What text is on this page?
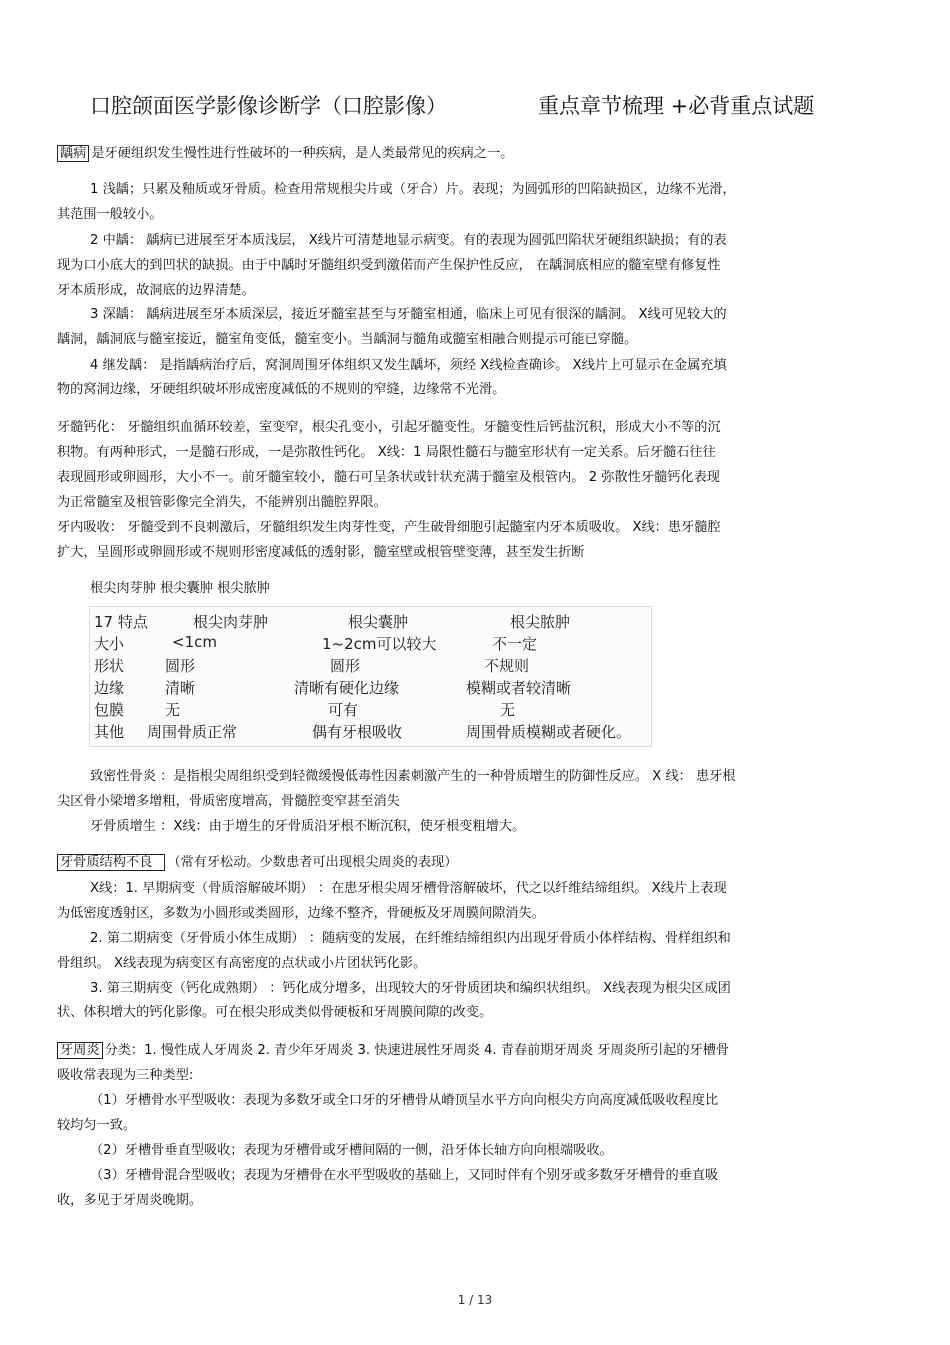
口腔颌面医学影像诊断学（口腔影像）	重点章节梳理 +必背重点试题
龋病 是牙硬组织发生慢性进行性破坏的一种疾病，是人类最常见的疾病之一。
1 浅龋；只累及釉质或牙骨质。检查用常规根尖片或（牙合）片。表现；为圆弧形的凹陷缺损区，边缘不光滑，
其范围一般较小。
2 中龋： 龋病已进展至牙本质浅层， X线片可清楚地显示病变。有的表现为圆弧凹陷状牙硬组织缺损；有的表
现为口小底大的到凹状的缺损。由于中龋时牙髓组织受到激偌而产生保护性反应， 在龋洞底相应的髓室壁有修复性
牙本质形成，故洞底的边界清楚。
3 深龋： 龋病进展至牙本质深层，接近牙髓室甚至与牙髓室相通，临床上可见有很深的龋洞。 X线可见较大的
龋洞，龋洞底与髓室接近，髓室角变低，髓室变小。当龋洞与髓角或髓室相融合则提示可能已穿髓。
4 继发龋： 是指龋病治疗后，窝洞周围牙体组织又发生龋坏，须经 X线检查确诊。 X线片上可显示在金属充填
物的窝洞边缘，牙硬组织破坏形成密度减低的不规则的窄缝，边缘常不光滑。
牙髓钙化： 牙髓组织血循环较差，室变窄，根尖孔变小，引起牙髓变性。牙髓变性后钙盐沉积，形成大小不等的沉
积物。有两种形式，一是髓石形成，一是弥散性钙化。 X线：1 局限性髓石与髓室形状有一定关系。后牙髓石往往
表现圆形或卵圆形，大小不一。前牙髓室较小，髓石可呈条状或针状充满于髓室及根管内。 2 弥散性牙髓钙化表现
为正常髓室及根管影像完全消失，不能辨别出髓腔界限。
牙内吸收： 牙髓受到不良刺激后，牙髓组织发生肉芽性变，产生破骨细胞引起髓室内牙本质吸收。 X线：患牙髓腔
扩大，呈圆形或卵圆形或不规则形密度减低的透射影，髓室壁或根管壁变薄，甚至发生折断
根尖肉芽肿 根尖囊肿 根尖脓肿
17 特点	根尖肉芽肿	根尖囊肿	根尖脓肿
大小	<1cm	1~2cm可以较大	不一定
形状	圆形	圆形	不规则
边缘	清晰	清晰有硬化边缘	模糊或者较清晰
包膜	无	可有	无
其他 周围骨质正常	偶有牙根吸收	周围骨质模糊或者硬化。
致密性骨炎 ：是指根尖周组织受到轻微缓慢低毒性因素刺激产生的一种骨质增生的防御性反应。 X 线： 患牙根
尖区骨小梁增多增粗，骨质密度增高，骨髓腔变窄甚至消失
牙骨质增生 ：X线：由于增生的牙骨质沿牙根不断沉积，使牙根变粗增大。
牙骨质结构不良 （常有牙松动。少数患者可出现根尖周炎的表现）
X线：1. 早期病变（骨质溶解破坏期） ：在患牙根尖周牙槽骨溶解破坏，代之以纤维结缔组织。 X线片上表现
为低密度透射区，多数为小圆形或类圆形，边缘不整齐，骨硬板及牙周膜间隙消失。
2. 第二期病变（牙骨质小体生成期） ：随病变的发展，在纤维结缔组织内出现牙骨质小体样结构、骨样组织和
骨组织。 X线表现为病变区有高密度的点状或小片团状钙化影。
3. 第三期病变（钙化成熟期） ：钙化成分增多，出现较大的牙骨质团块和编织状组织。 X线表现为根尖区成团
状、体积增大的钙化影像。可在根尖形成类似骨硬板和牙周膜间隙的改变。
牙周炎 分类：1. 慢性成人牙周炎 2. 青少年牙周炎 3. 快速进展性牙周炎 4. 青春前期牙周炎 牙周炎所引起的牙槽骨
吸收常表现为三种类型:
（1）牙槽骨水平型吸收：表现为多数牙或全口牙的牙槽骨从嵴顶呈水平方向向根尖方向高度减低吸收程度比
较均匀一致。
（2）牙槽骨垂直型吸收；表现为牙槽骨或牙槽间隔的一侧，沿牙体长轴方向向根端吸收。
（3）牙槽骨混合型吸收；表现为牙槽骨在水平型吸收的基础上，又同时伴有个别牙或多数牙牙槽骨的垂直吸
收，多见于牙周炎晚期。
1 / 13
